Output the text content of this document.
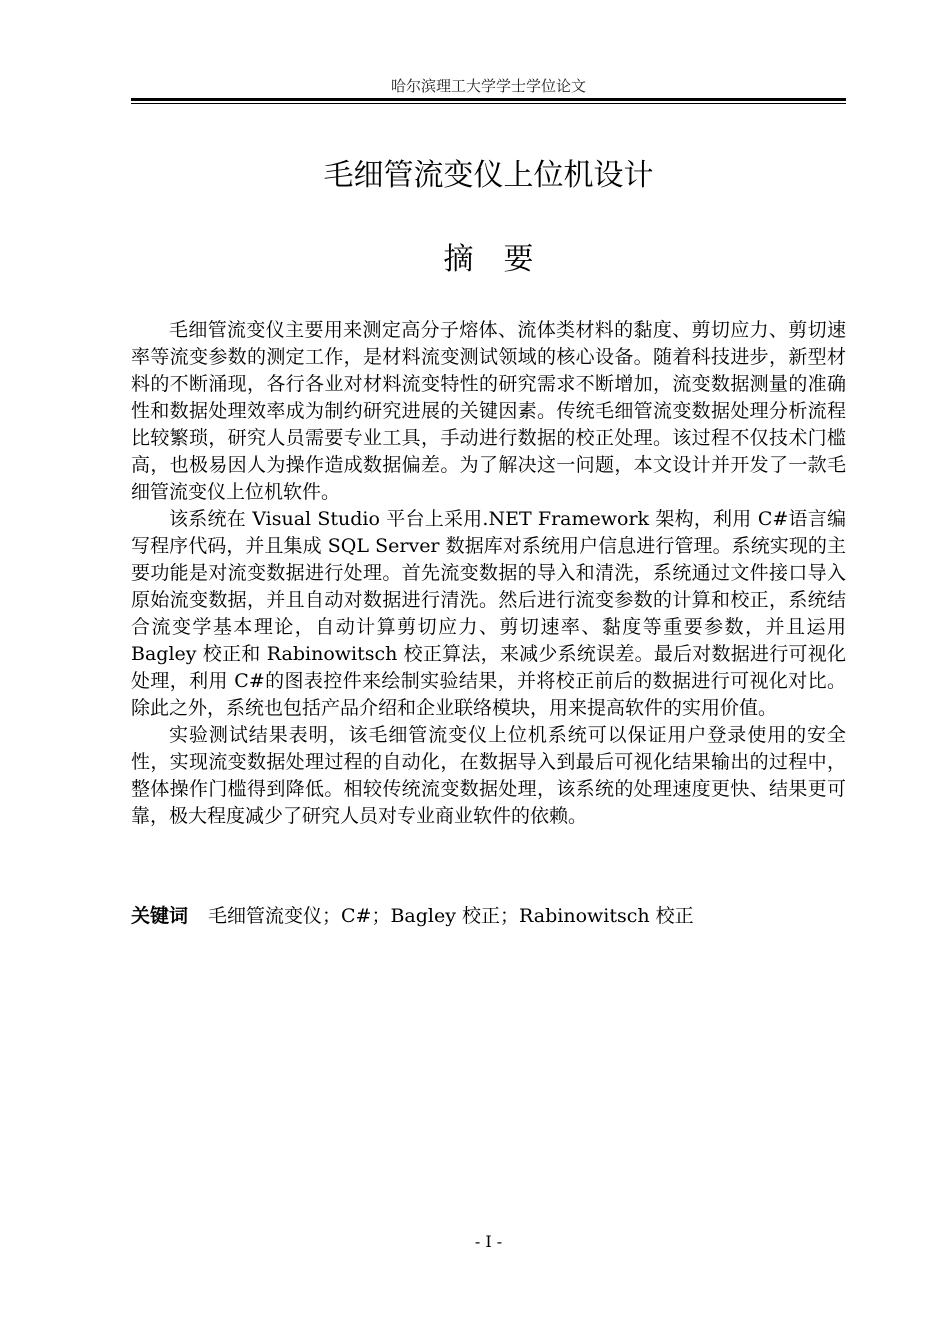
哈尔滨理工大学学士学位论文
毛细管流变仪上位机设计
摘要

毛细管流变仪主要用来测定高分子熔体、流体类材料的黏度、剪切应力、剪切速率等流变参数的测定工作，是材料流变测试领域的核心设备。随着科技进步，新型材料的不断涌现，各行各业对材料流变特性的研究需求不断增加，流变数据测量的准确性和数据处理效率成为制约研究进展的关键因素。传统毛细管流变数据处理分析流程比较繁琐，研究人员需要专业工具，手动进行数据的校正处理。该过程不仅技术门槛高，也极易因人为操作造成数据偏差。为了解决这一问题，本文设计并开发了一款毛细管流变仪上位机软件。

该系统在 Visual Studio 平台上采用.NET Framework 架构，利用 C#语言编写程序代码，并且集成 SQL Server 数据库对系统用户信息进行管理。系统实现的主要功能是对流变数据进行处理。首先流变数据的导入和清洗，系统通过文件接口导入原始流变数据，并且自动对数据进行清洗。然后进行流变参数的计算和校正，系统结合流变学基本理论，自动计算剪切应力、剪切速率、黏度等重要参数，并且运用 Bagley 校正和 Rabinowitsch 校正算法，来减少系统误差。最后对数据进行可视化处理，利用 C#的图表控件来绘制实验结果，并将校正前后的数据进行可视化对比。除此之外，系统也包括产品介绍和企业联络模块，用来提高软件的实用价值。

实验测试结果表明，该毛细管流变仪上位机系统可以保证用户登录使用的安全性，实现流变数据处理过程的自动化，在数据导入到最后可视化结果输出的过程中，整体操作门槛得到降低。相较传统流变数据处理，该系统的处理速度更快、结果更可靠，极大程度减少了研究人员对专业商业软件的依赖。

关键词 毛细管流变仪；C#；Bagley 校正；Rabinowitsch 校正
- I -
